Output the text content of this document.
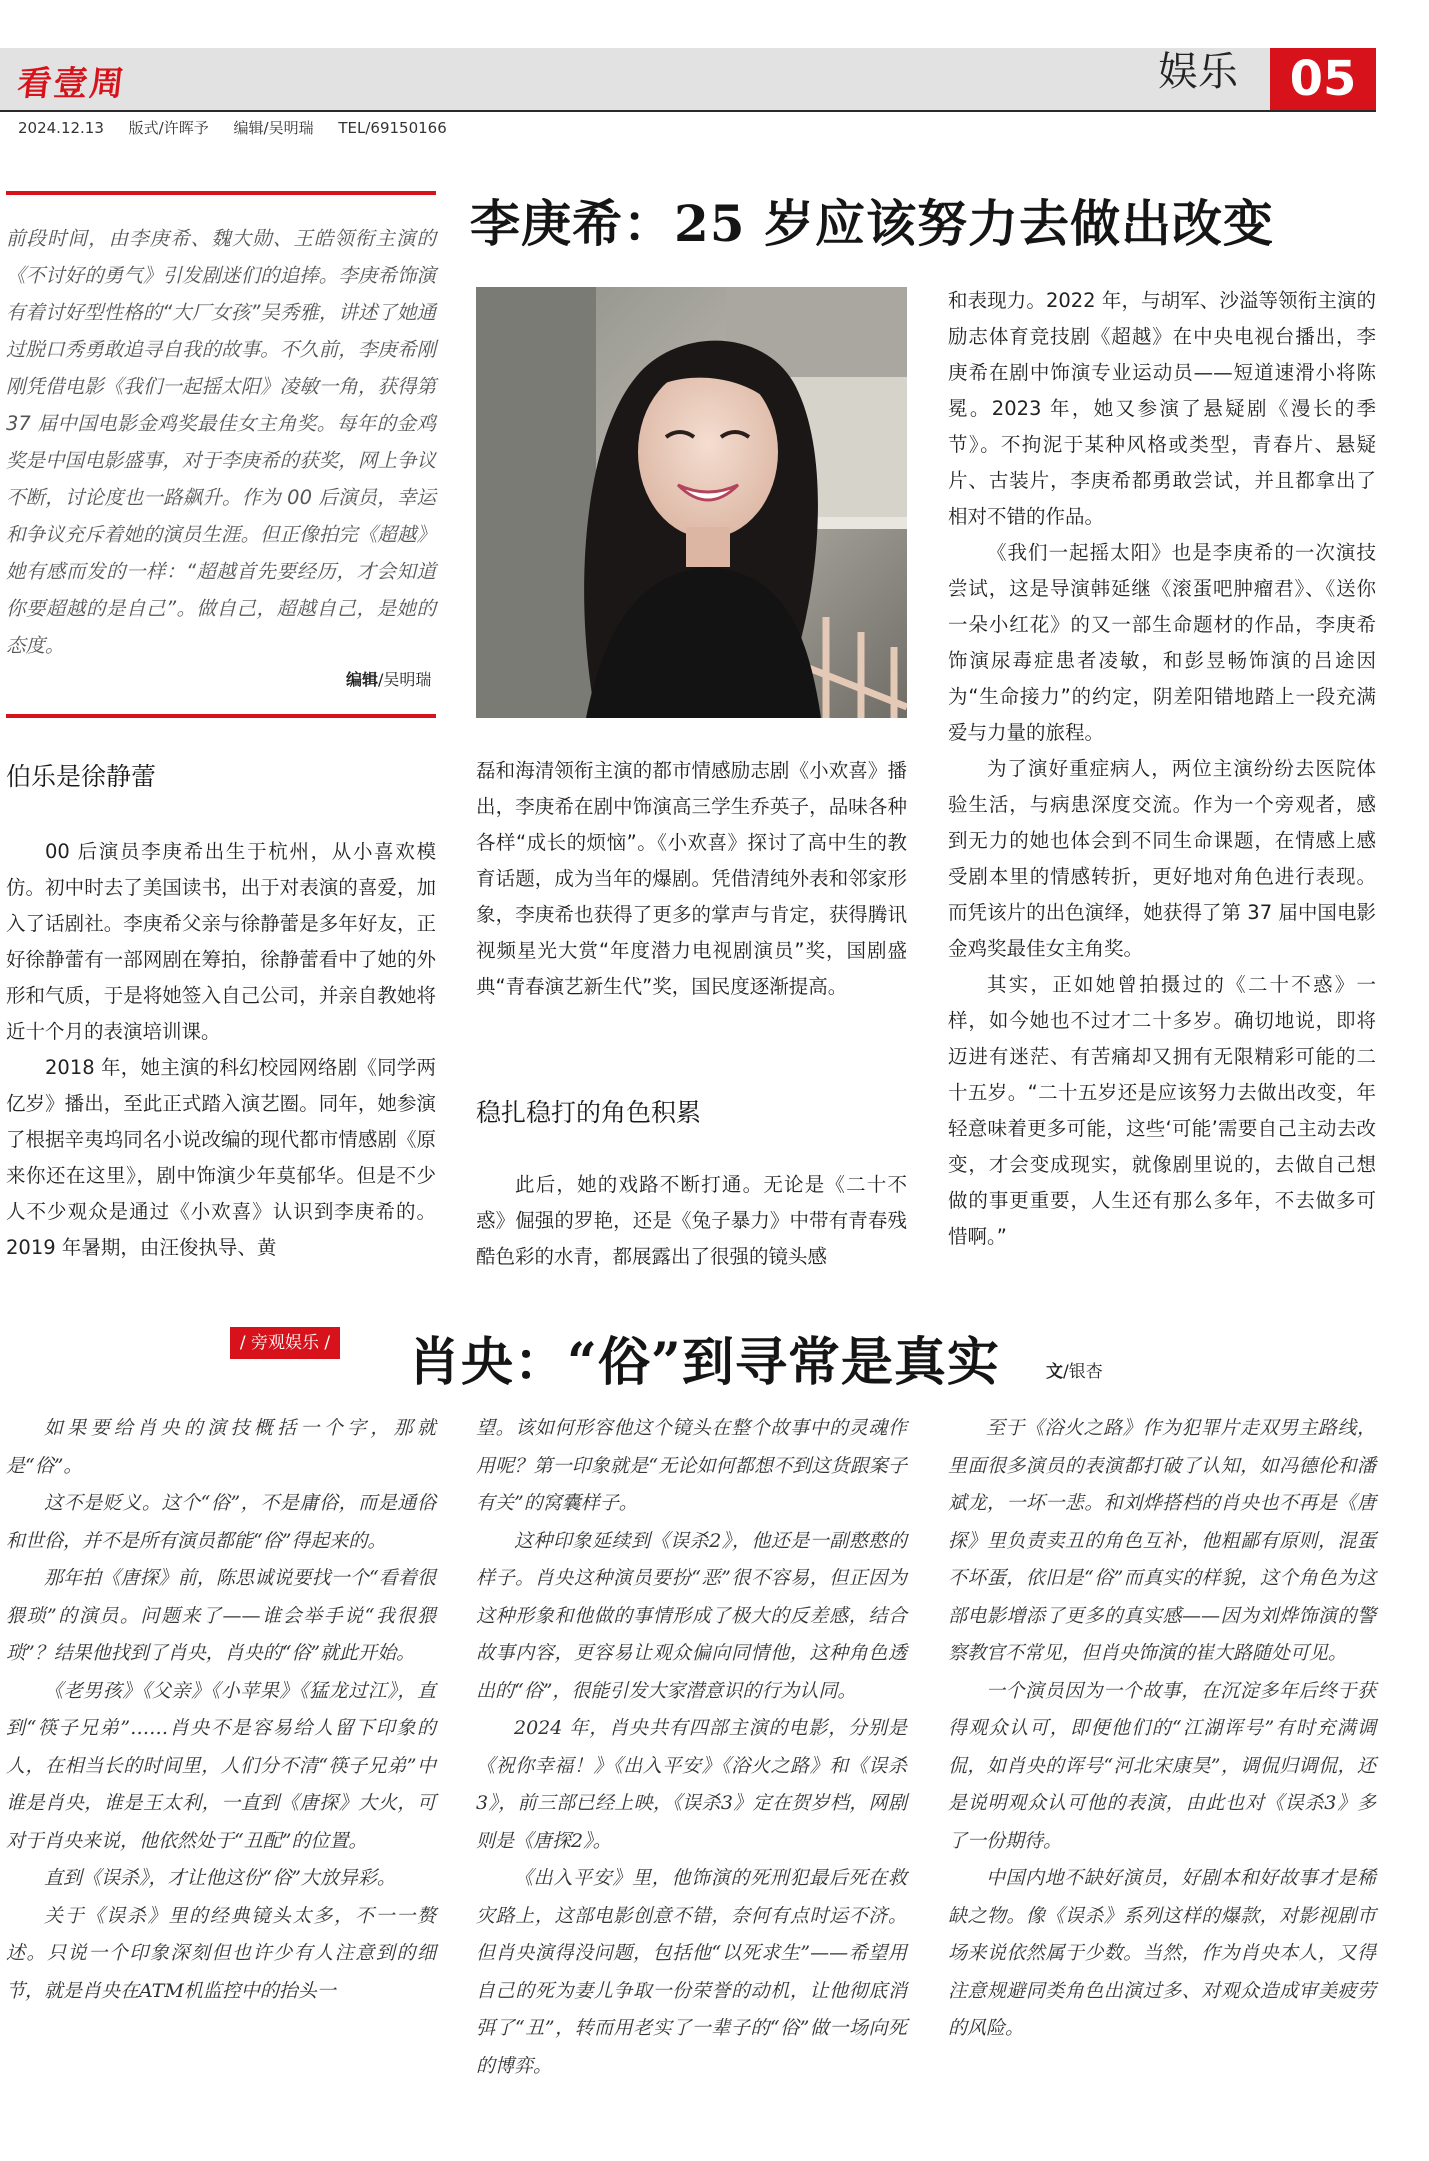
看壹周	娱乐	05
2024.12.13 版式/许晖予 编辑/吴明瑞 TEL/69150166
前段时间，由李庚希、魏大勋、王皓领衔主演的《不讨好的勇气》引发剧迷们的追捧。李庚希饰演有着讨好型性格的“大厂女孩”吴秀雅，讲述了她通过脱口秀勇敢追寻自我的故事。不久前，李庚希刚刚凭借电影《我们一起摇太阳》凌敏一角，获得第 37 届中国电影金鸡奖最佳女主角奖。每年的金鸡奖是中国电影盛事，对于李庚希的获奖，网上争议不断，讨论度也一路飙升。作为 00 后演员，幸运和争议充斥着她的演员生涯。但正像拍完《超越》她有感而发的一样：“超越首先要经历，才会知道你要超越的是自己”。做自己，超越自己，是她的态度。
编辑/吴明瑞
李庚希：25 岁应该努力去做出改变
伯乐是徐静蕾

00 后演员李庚希出生于杭州，从小喜欢模仿。初中时去了美国读书，出于对表演的喜爱，加入了话剧社。李庚希父亲与徐静蕾是多年好友，正好徐静蕾有一部网剧在筹拍，徐静蕾看中了她的外形和气质，于是将她签入自己公司，并亲自教她将近十个月的表演培训课。

2018 年，她主演的科幻校园网络剧《同学两亿岁》播出，至此正式踏入演艺圈。同年，她参演了根据辛夷坞同名小说改编的现代都市情感剧《原来你还在这里》，剧中饰演少年莫郁华。但是不少人不少观众是通过《小欢喜》认识到李庚希的。2019 年暑期，由汪俊执导、黄

磊和海清领衔主演的都市情感励志剧《小欢喜》播出，李庚希在剧中饰演高三学生乔英子，品味各种各样“成长的烦恼”。《小欢喜》探讨了高中生的教育话题，成为当年的爆剧。凭借清纯外表和邻家形象，李庚希也获得了更多的掌声与肯定，获得腾讯视频星光大赏“年度潜力电视剧演员”奖，国剧盛典“青春演艺新生代”奖，国民度逐渐提高。

稳扎稳打的角色积累

此后，她的戏路不断打通。无论是《二十不惑》倔强的罗艳，还是《兔子暴力》中带有青春残酷色彩的水青，都展露出了很强的镜头感

和表现力。2022 年，与胡军、沙溢等领衔主演的励志体育竞技剧《超越》在中央电视台播出，李庚希在剧中饰演专业运动员——短道速滑小将陈冕。2023 年，她又参演了悬疑剧《漫长的季节》。不拘泥于某种风格或类型，青春片、悬疑片、古装片，李庚希都勇敢尝试，并且都拿出了相对不错的作品。

《我们一起摇太阳》也是李庚希的一次演技尝试，这是导演韩延继《滚蛋吧肿瘤君》、《送你一朵小红花》的又一部生命题材的作品，李庚希饰演尿毒症患者凌敏，和彭昱畅饰演的吕途因为“生命接力”的约定，阴差阳错地踏上一段充满爱与力量的旅程。

为了演好重症病人，两位主演纷纷去医院体验生活，与病患深度交流。作为一个旁观者，感到无力的她也体会到不同生命课题，在情感上感受剧本里的情感转折，更好地对角色进行表现。而凭该片的出色演绎，她获得了第 37 届中国电影金鸡奖最佳女主角奖。

其实，正如她曾拍摄过的《二十不惑》一样，如今她也不过才二十多岁。确切地说，即将迈进有迷茫、有苦痛却又拥有无限精彩可能的二十五岁。“二十五岁还是应该努力去做出改变，年轻意味着更多可能，这些‘可能’需要自己主动去改变，才会变成现实，就像剧里说的，去做自己想做的事更重要，人生还有那么多年，不去做多可惜啊。”

/ 旁观娱乐 / 肖央：“俗”到寻常是真实	文/银杏

如果要给肖央的演技概括一个字，那就是“俗”。

这不是贬义。这个“俗”，不是庸俗，而是通俗和世俗，并不是所有演员都能“俗”得起来的。

那年拍《唐探》前，陈思诚说要找一个“看着很猥琐”的演员。问题来了——谁会举手说“我很猥琐”？结果他找到了肖央，肖央的“俗”就此开始。

《老男孩》《父亲》《小苹果》《猛龙过江》，直到“筷子兄弟”……肖央不是容易给人留下印象的人，在相当长的时间里，人们分不清“筷子兄弟”中谁是肖央，谁是王太利，一直到《唐探》大火，可对于肖央来说，他依然处于“丑配”的位置。

直到《误杀》，才让他这份“俗”大放异彩。

关于《误杀》里的经典镜头太多，不一一赘述。只说一个印象深刻但也许少有人注意到的细节，就是肖央在ATM机监控中的抬头一

望。该如何形容他这个镜头在整个故事中的灵魂作用呢？第一印象就是“无论如何都想不到这货跟案子有关”的窝囊样子。

这种印象延续到《误杀2》，他还是一副憨憨的样子。肖央这种演员要扮“恶”很不容易，但正因为这种形象和他做的事情形成了极大的反差感，结合故事内容，更容易让观众偏向同情他，这种角色透出的“俗”，很能引发大家潜意识的行为认同。

2024 年，肖央共有四部主演的电影，分别是《祝你幸福！》《出入平安》《浴火之路》和《误杀3》，前三部已经上映，《误杀3》定在贺岁档，网剧则是《唐探2》。

《出入平安》里，他饰演的死刑犯最后死在救灾路上，这部电影创意不错，奈何有点时运不济。但肖央演得没问题，包括他“以死求生”——希望用自己的死为妻儿争取一份荣誉的动机，让他彻底消弭了“丑”，转而用老实了一辈子的“俗”做一场向死的博弈。

至于《浴火之路》作为犯罪片走双男主路线，里面很多演员的表演都打破了认知，如冯德伦和潘斌龙，一坏一悲。和刘烨搭档的肖央也不再是《唐探》里负责卖丑的角色互补，他粗鄙有原则，混蛋不坏蛋，依旧是“俗”而真实的样貌，这个角色为这部电影增添了更多的真实感——因为刘烨饰演的警察教官不常见，但肖央饰演的崔大路随处可见。

一个演员因为一个故事，在沉淀多年后终于获得观众认可，即便他们的“江湖诨号”有时充满调侃，如肖央的诨号“河北宋康昊”，调侃归调侃，还是说明观众认可他的表演，由此也对《误杀3》多了一份期待。

中国内地不缺好演员，好剧本和好故事才是稀缺之物。像《误杀》系列这样的爆款，对影视剧市场来说依然属于少数。当然，作为肖央本人，又得注意规避同类角色出演过多、对观众造成审美疲劳的风险。
